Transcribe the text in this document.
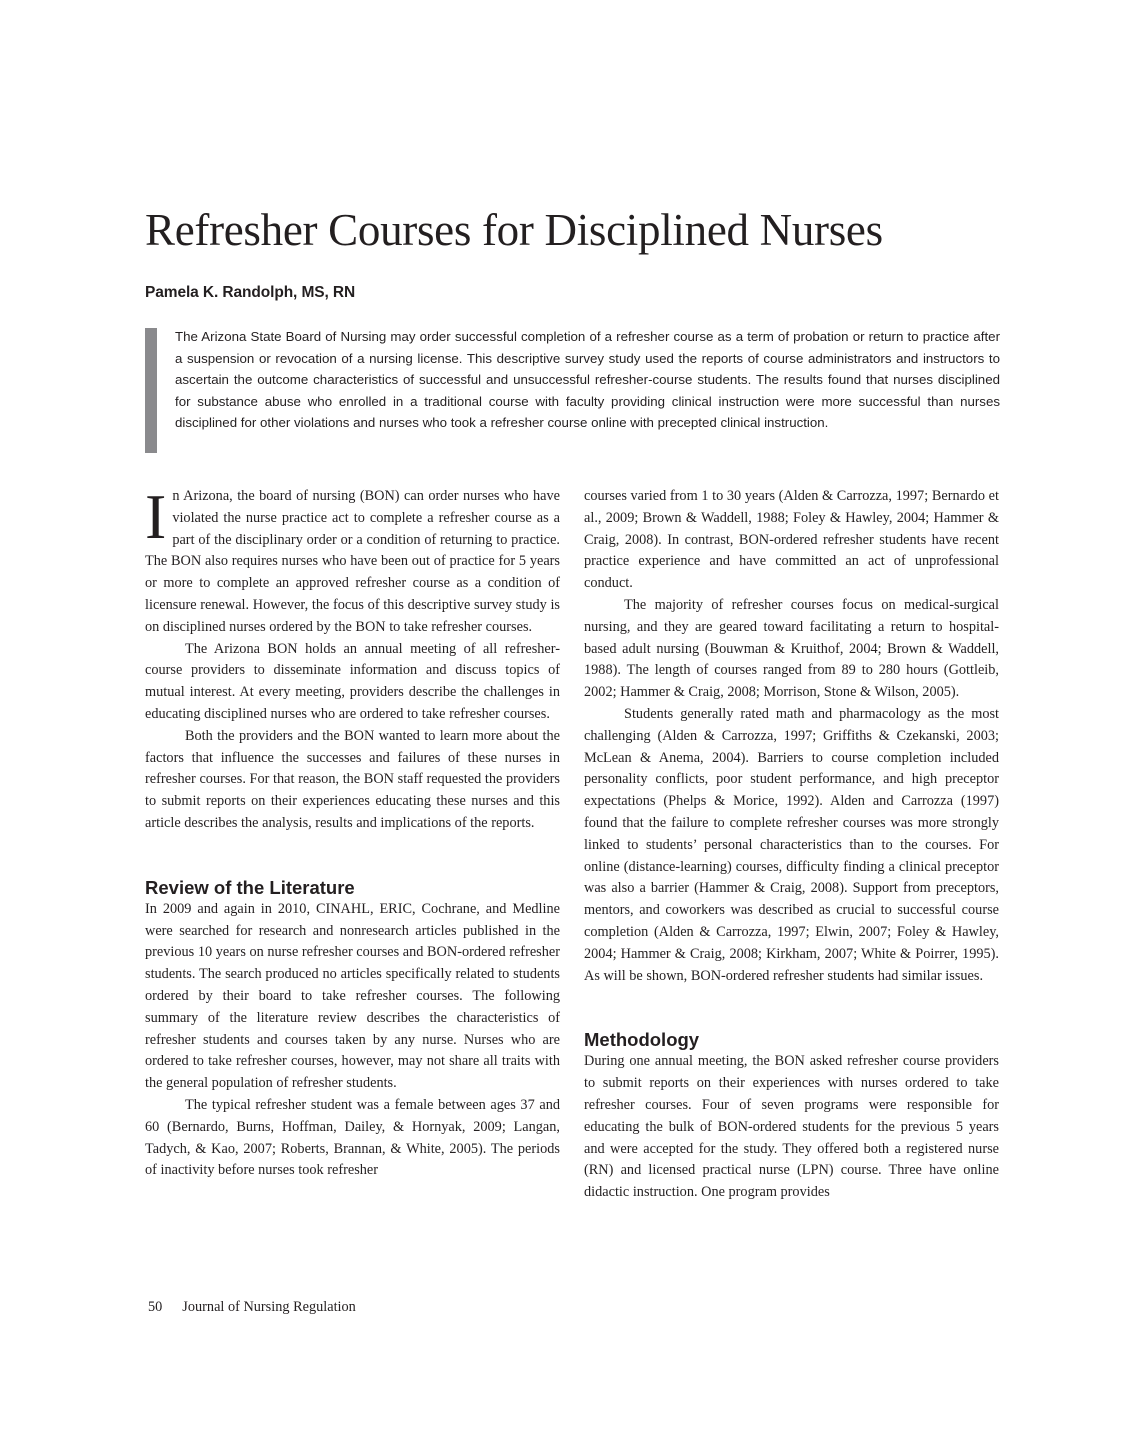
Refresher Courses for Disciplined Nurses
Pamela K. Randolph, MS, RN

The Arizona State Board of Nursing may order successful completion of a refresher course as a term of probation or return to practice after a suspension or revocation of a nursing license. This descriptive survey study used the reports of course administrators and instructors to ascertain the outcome characteristics of successful and unsuccessful refresher-course students. The results found that nurses disciplined for substance abuse who enrolled in a traditional course with faculty providing clinical instruction were more successful than nurses disciplined for other violations and nurses who took a refresher course online with precepted clinical instruction.

In Arizona, the board of nursing (BON) can order nurses who have violated the nurse practice act to complete a refresher course as a part of the disciplinary order or a condition of returning to practice. The BON also requires nurses who have been out of practice for 5 years or more to complete an approved refresher course as a condition of licensure renewal. However, the focus of this descriptive survey study is on disciplined nurses ordered by the BON to take refresher courses.

The Arizona BON holds an annual meeting of all refresher-course providers to disseminate information and discuss topics of mutual interest. At every meeting, providers describe the challenges in educating disciplined nurses who are ordered to take refresher courses.

Both the providers and the BON wanted to learn more about the factors that influence the successes and failures of these nurses in refresher courses. For that reason, the BON staff requested the providers to submit reports on their experiences educating these nurses and this article describes the analysis, results and implications of the reports.

Review of the Literature

In 2009 and again in 2010, CINAHL, ERIC, Cochrane, and Medline were searched for research and nonresearch articles published in the previous 10 years on nurse refresher courses and BON-ordered refresher students. The search produced no articles specifically related to students ordered by their board to take refresher courses. The following summary of the literature review describes the characteristics of refresher students and courses taken by any nurse. Nurses who are ordered to take refresher courses, however, may not share all traits with the general population of refresher students.

The typical refresher student was a female between ages 37 and 60 (Bernardo, Burns, Hoffman, Dailey, & Hornyak, 2009; Langan, Tadych, & Kao, 2007; Roberts, Brannan, & White, 2005). The periods of inactivity before nurses took refresher

courses varied from 1 to 30 years (Alden & Carrozza, 1997; Bernardo et al., 2009; Brown & Waddell, 1988; Foley & Hawley, 2004; Hammer & Craig, 2008). In contrast, BON-ordered refresher students have recent practice experience and have committed an act of unprofessional conduct.

The majority of refresher courses focus on medical-surgical nursing, and they are geared toward facilitating a return to hospital-based adult nursing (Bouwman & Kruithof, 2004; Brown & Waddell, 1988). The length of courses ranged from 89 to 280 hours (Gottleib, 2002; Hammer & Craig, 2008; Morrison, Stone & Wilson, 2005).

Students generally rated math and pharmacology as the most challenging (Alden & Carrozza, 1997; Griffiths & Czekanski, 2003; McLean & Anema, 2004). Barriers to course completion included personality conflicts, poor student performance, and high preceptor expectations (Phelps & Morice, 1992). Alden and Carrozza (1997) found that the failure to complete refresher courses was more strongly linked to students’ personal characteristics than to the courses. For online (distance-learning) courses, difficulty finding a clinical preceptor was also a barrier (Hammer & Craig, 2008). Support from preceptors, mentors, and coworkers was described as crucial to successful course completion (Alden & Carrozza, 1997; Elwin, 2007; Foley & Hawley, 2004; Hammer & Craig, 2008; Kirkham, 2007; White & Poirrer, 1995). As will be shown, BON-ordered refresher students had similar issues.

Methodology

During one annual meeting, the BON asked refresher course providers to submit reports on their experiences with nurses ordered to take refresher courses. Four of seven programs were responsible for educating the bulk of BON-ordered students for the previous 5 years and were accepted for the study. They offered both a registered nurse (RN) and licensed practical nurse (LPN) course. Three have online didactic instruction. One program provides

50 Journal of Nursing Regulation
